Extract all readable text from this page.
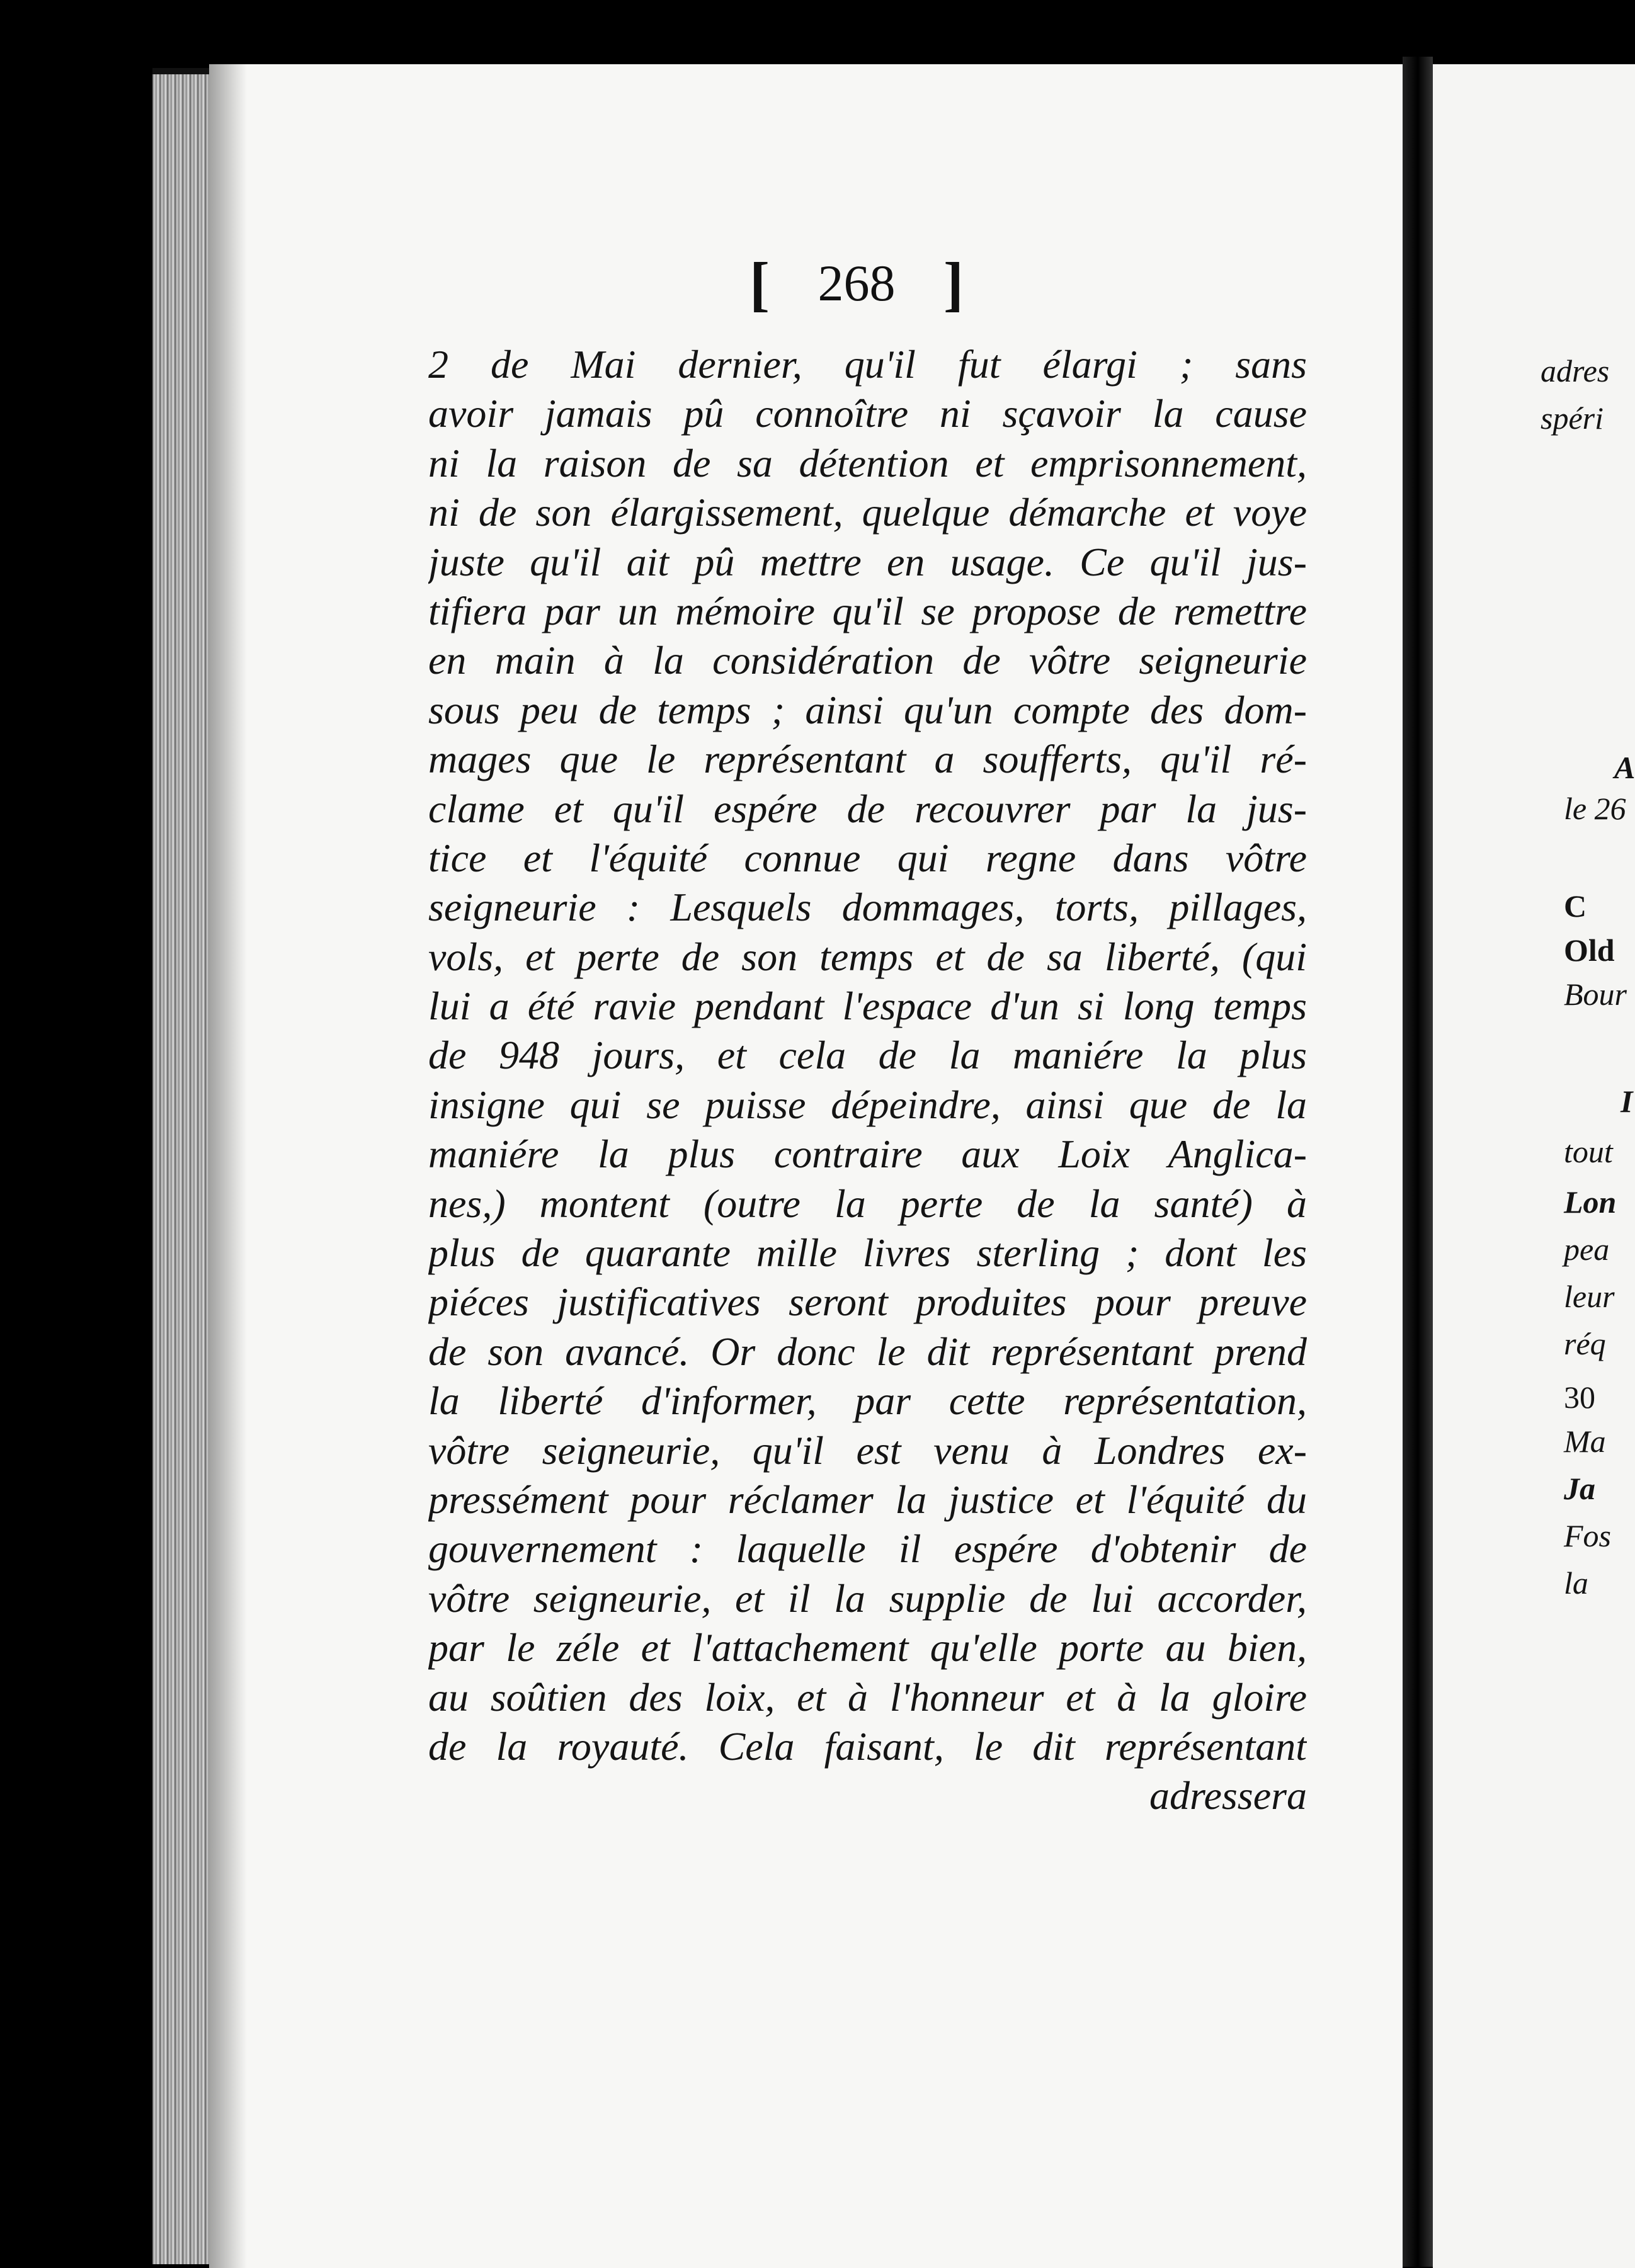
[ 268 ]
2 de Mai dernier, qu'il fut élargi ; sans
avoir jamais pû connoître ni sçavoir la cause
ni la raison de sa détention et emprisonnement,
ni de son élargissement, quelque démarche et voye
juste qu'il ait pû mettre en usage. Ce qu'il jus-
tifiera par un mémoire qu'il se propose de remettre
en main à la considération de vôtre seigneurie
sous peu de temps ; ainsi qu'un compte des dom-
mages que le représentant a soufferts, qu'il ré-
clame et qu'il espére de recouvrer par la jus-
tice et l'équité connue qui regne dans vôtre
seigneurie : Lesquels dommages, torts, pillages,
vols, et perte de son temps et de sa liberté, (qui
lui a été ravie pendant l'espace d'un si long temps
de 948 jours, et cela de la maniére la plus
insigne qui se puisse dépeindre, ainsi que de la
maniére la plus contraire aux Loix Anglica-
nes,) montent (outre la perte de la santé) à
plus de quarante mille livres sterling ; dont les
piéces justificatives seront produites pour preuve
de son avancé. Or donc le dit représentant prend
la liberté d'informer, par cette représentation,
vôtre seigneurie, qu'il est venu à Londres ex-
pressément pour réclamer la justice et l'équité du
gouvernement : laquelle il espére d'obtenir de
vôtre seigneurie, et il la supplie de lui accorder,
par le zéle et l'attachement qu'elle porte au bien,
au soûtien des loix, et à l'honneur et à la gloire
de la royauté. Cela faisant, le dit représentant
adressera
adres
spéri
A
le 26
C
Old
Bour
I
tout
Lon
pea
leur
réq
30
Ma
Ja
Fos
la
